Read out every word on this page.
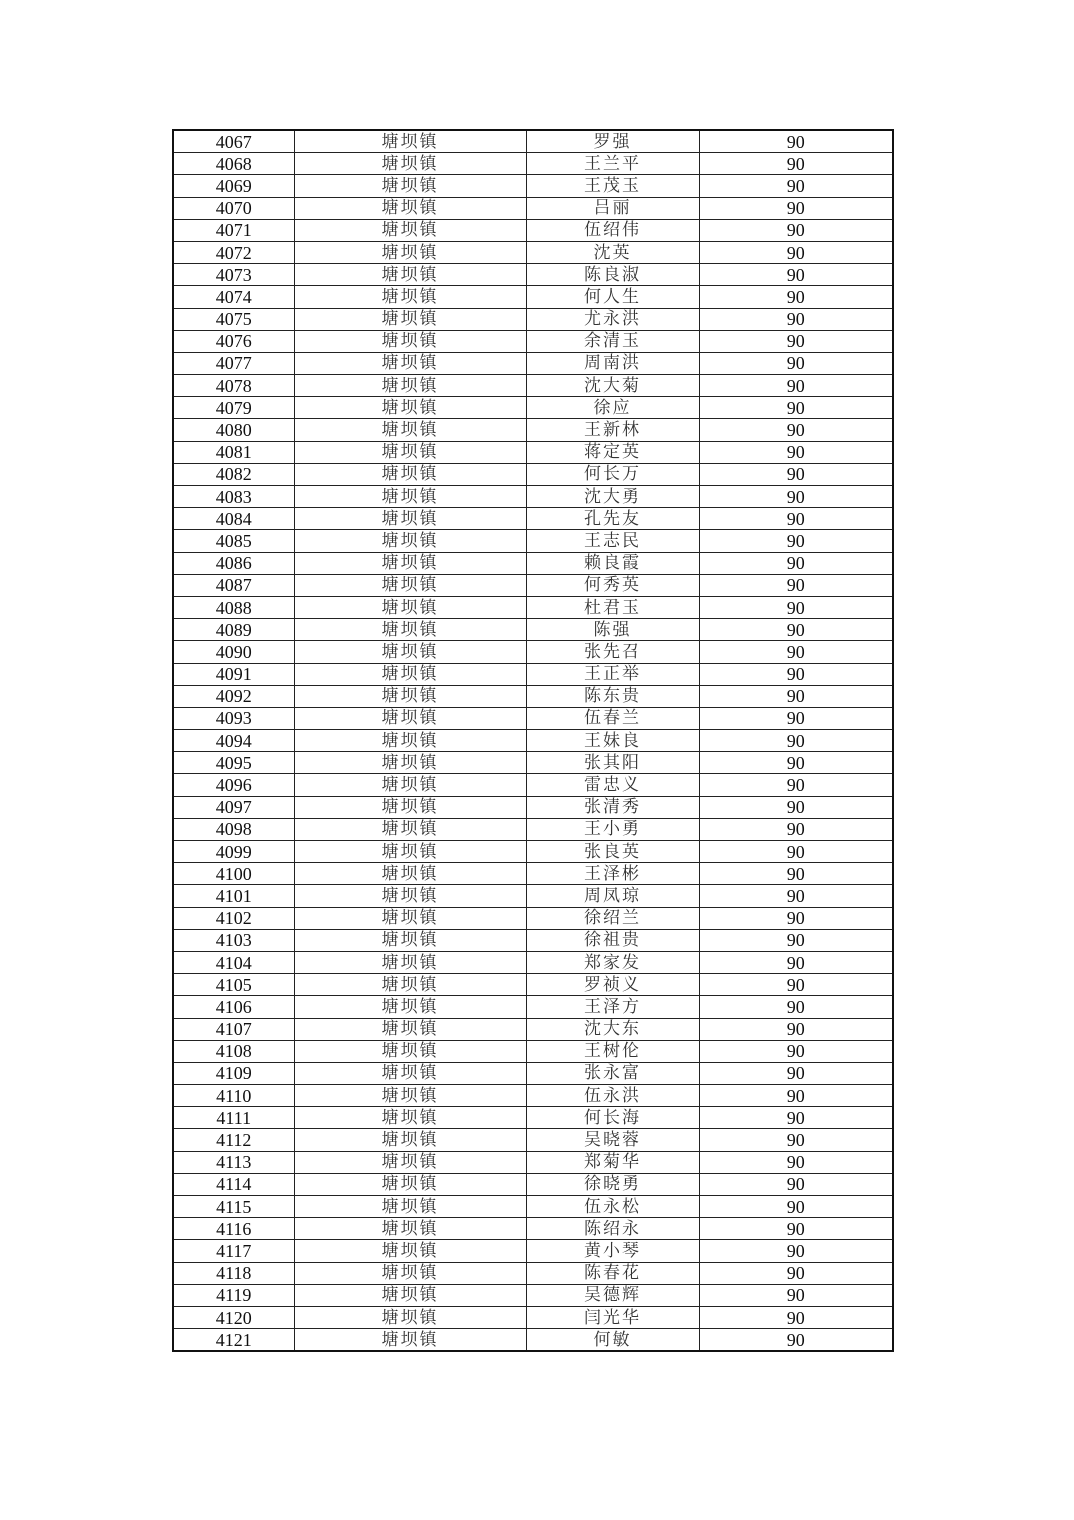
4067	塘坝镇	罗强	90
4068	塘坝镇	王兰平	90
4069	塘坝镇	王茂玉	90
4070	塘坝镇	吕丽	90
4071	塘坝镇	伍绍伟	90
4072	塘坝镇	沈英	90
4073	塘坝镇	陈良淑	90
4074	塘坝镇	何人生	90
4075	塘坝镇	尤永洪	90
4076	塘坝镇	余清玉	90
4077	塘坝镇	周南洪	90
4078	塘坝镇	沈大菊	90
4079	塘坝镇	徐应	90
4080	塘坝镇	王新林	90
4081	塘坝镇	蒋定英	90
4082	塘坝镇	何长万	90
4083	塘坝镇	沈大勇	90
4084	塘坝镇	孔先友	90
4085	塘坝镇	王志民	90
4086	塘坝镇	赖良霞	90
4087	塘坝镇	何秀英	90
4088	塘坝镇	杜君玉	90
4089	塘坝镇	陈强	90
4090	塘坝镇	张先召	90
4091	塘坝镇	王正举	90
4092	塘坝镇	陈东贵	90
4093	塘坝镇	伍春兰	90
4094	塘坝镇	王妹良	90
4095	塘坝镇	张其阳	90
4096	塘坝镇	雷忠义	90
4097	塘坝镇	张清秀	90
4098	塘坝镇	王小勇	90
4099	塘坝镇	张良英	90
4100	塘坝镇	王泽彬	90
4101	塘坝镇	周凤琼	90
4102	塘坝镇	徐绍兰	90
4103	塘坝镇	徐祖贵	90
4104	塘坝镇	郑家发	90
4105	塘坝镇	罗祯义	90
4106	塘坝镇	王泽方	90
4107	塘坝镇	沈大东	90
4108	塘坝镇	王树伦	90
4109	塘坝镇	张永富	90
4110	塘坝镇	伍永洪	90
4111	塘坝镇	何长海	90
4112	塘坝镇	吴晓蓉	90
4113	塘坝镇	郑菊华	90
4114	塘坝镇	徐晓勇	90
4115	塘坝镇	伍永松	90
4116	塘坝镇	陈绍永	90
4117	塘坝镇	黄小琴	90
4118	塘坝镇	陈春花	90
4119	塘坝镇	吴德辉	90
4120	塘坝镇	闫光华	90
4121	塘坝镇	何敏	90
